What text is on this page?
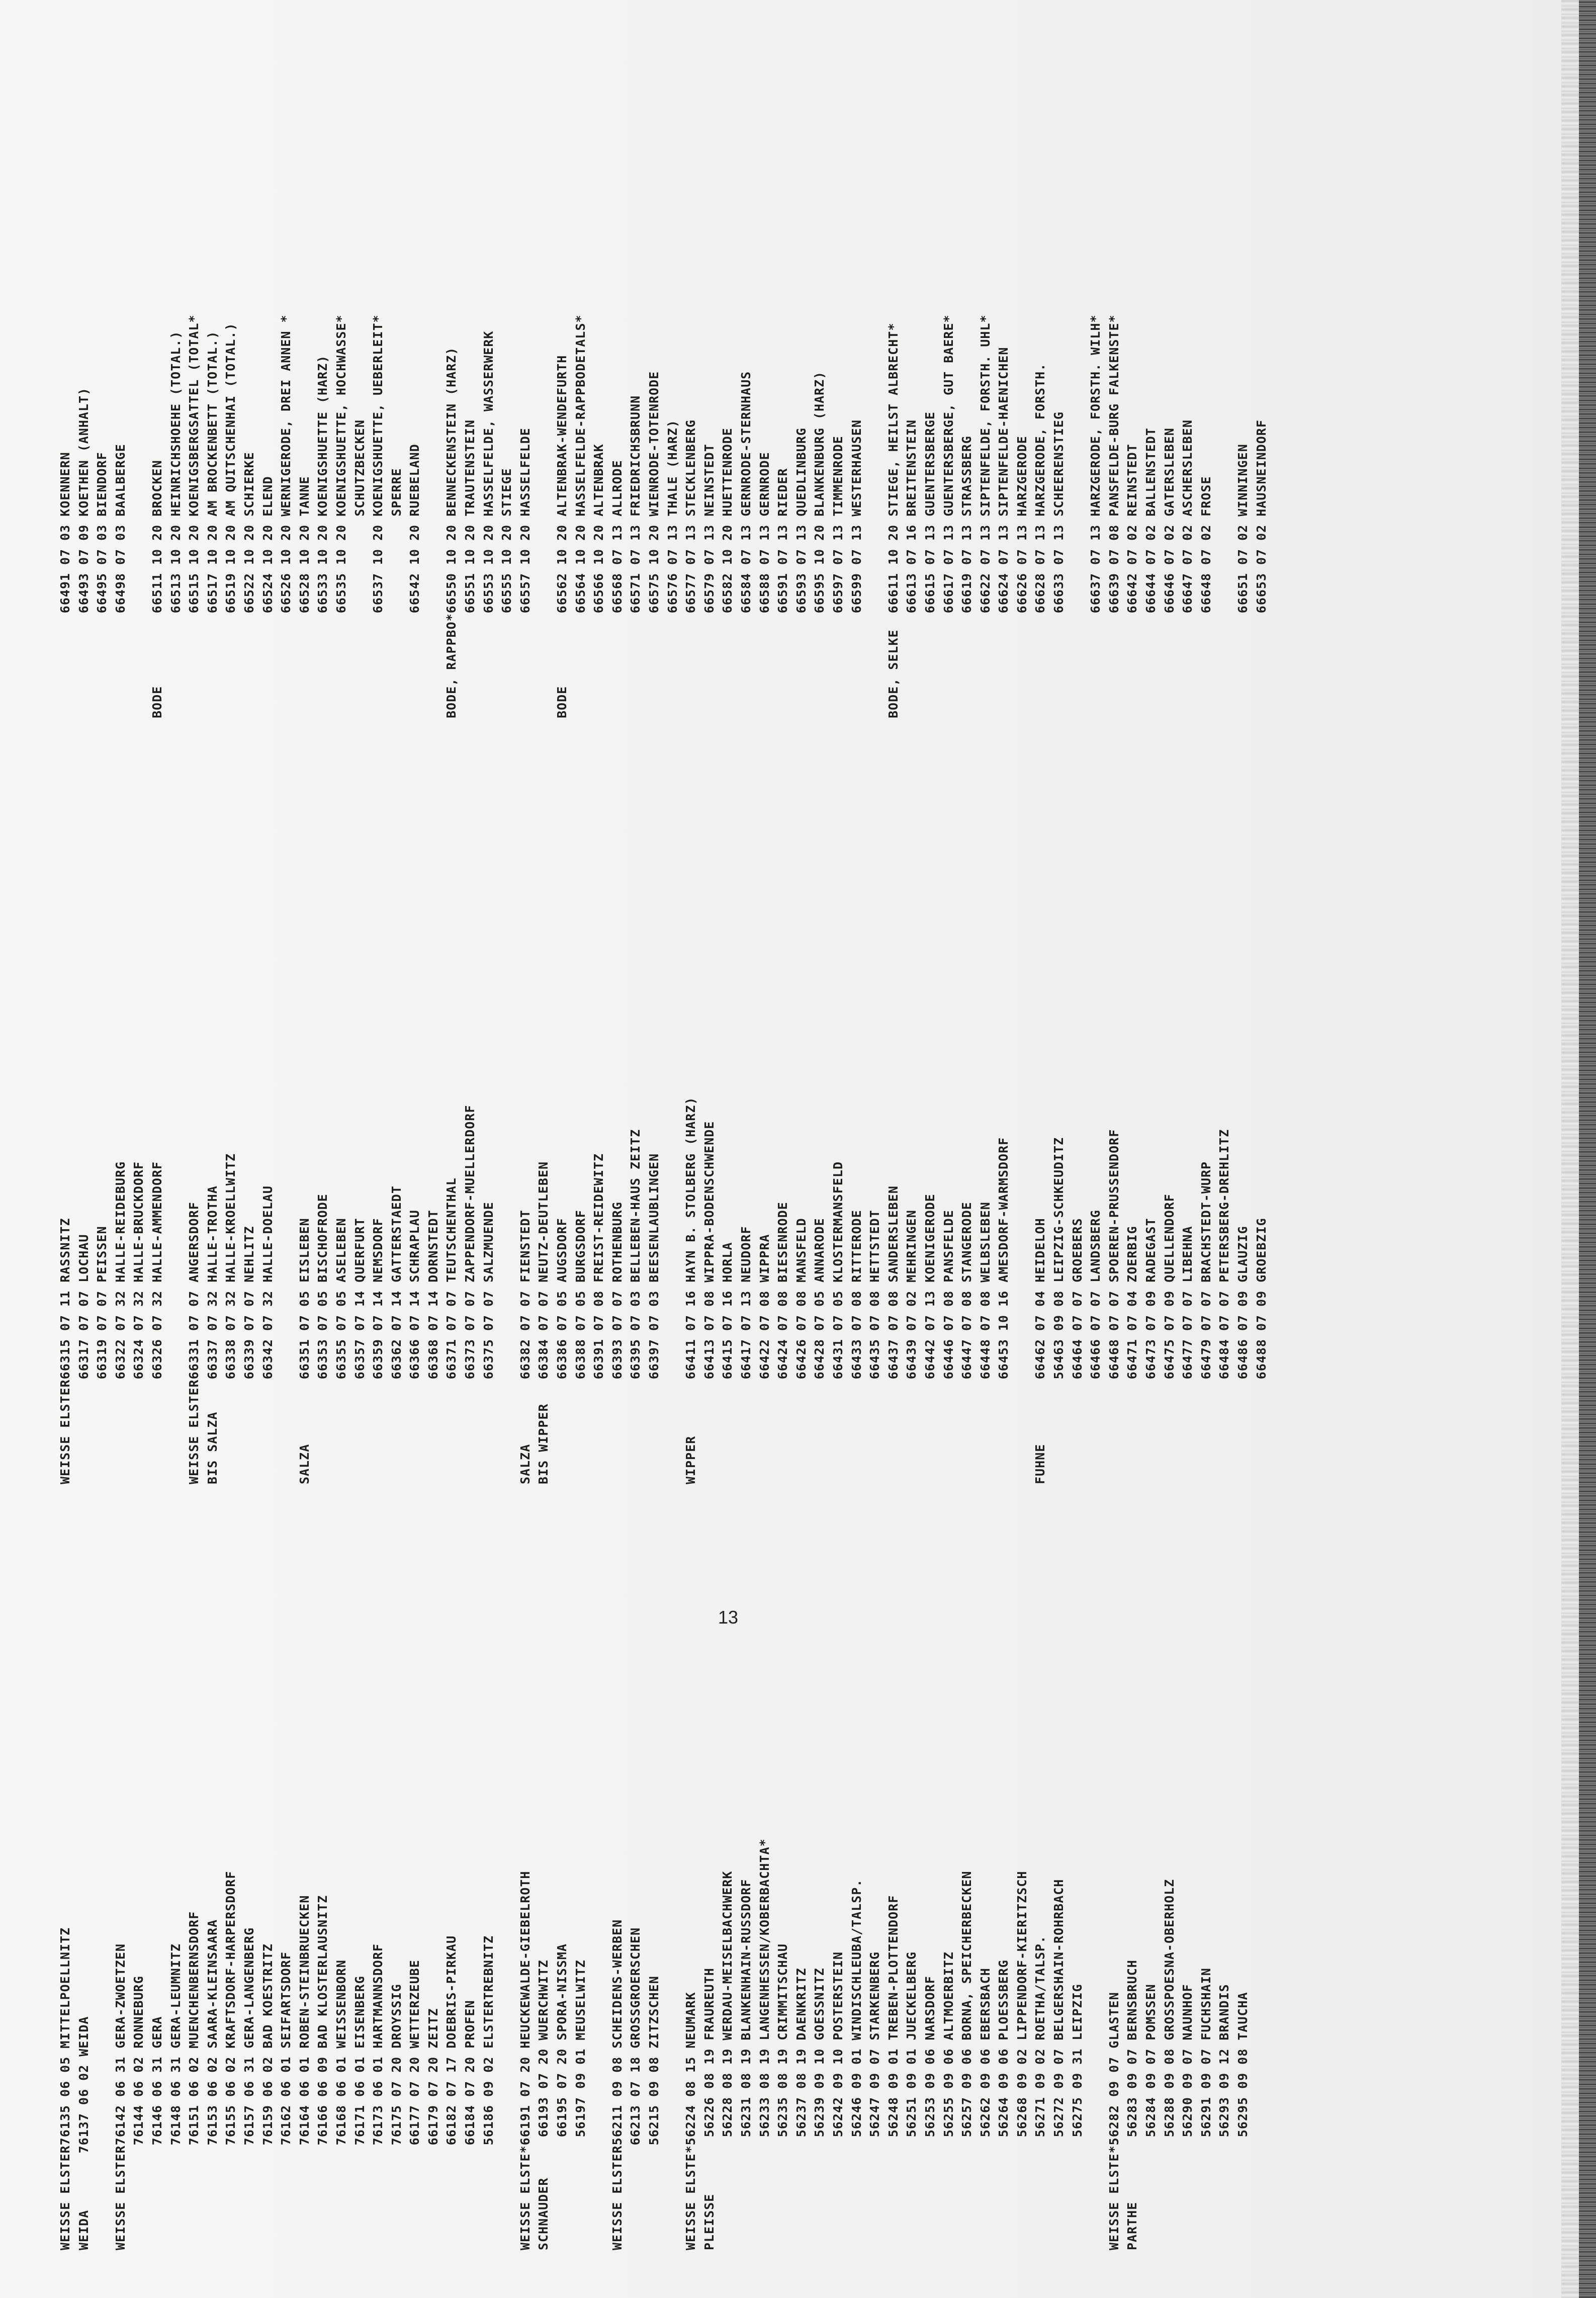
WEISSE ELSTER76135 06 05 MITTELPOELLNITZ
WEIDA       76137 06 02 WEIDA

WEISSE ELSTER76142 06 31 GERA-ZWOETZEN
76144 06 02 RONNEBURG
76146 06 31 GERA
76148 06 31 GERA-LEUMNITZ
76151 06 02 MUENCHENBERNSDORF
76153 06 02 SAARA-KLEINSAARA
76155 06 02 KRAFTSDORF-HARPERSDORF
76157 06 31 GERA-LANGENBERG
76159 06 02 BAD KOESTRITZ
76162 06 01 SEIFARTSDORF
76164 06 01 ROBEN-STEINBRUECKEN
76166 06 09 BAD KLOSTERLAUSNITZ
76168 06 01 WEISSENBORN
76171 06 01 EISENBERG
76173 06 01 HARTMANNSDORF
76175 07 20 DROYSSIG
66177 07 20 WETTERZEUBE
66179 07 20 ZEITZ
66182 07 17 DOEBRIS-PIRKAU
66184 07 20 PROFEN
56186 09 02 ELSTERTREBNITZ

WEISSE ELSTE*66191 07 20 HEUCKEWALDE-GIEBELROTH
SCHNAUDER     66193 07 20 WUERCHWITZ
66195 07 20 SPORA-NISSMA
56197 09 01 MEUSELWITZ

WEISSE ELSTER56211 09 08 SCHEIDENS-WERBEN
66213 07 18 GROSSGROERSCHEN
56215 09 08 ZITZSCHEN

WEISSE ELSTE*56224 08 15 NEUMARK
PLEISSE       56226 08 19 FRAUREUTH
56228 08 19 WERDAU-MEISELBACHWERK
56231 08 19 BLANKENHAIN-RUSSDORF
56233 08 19 LANGENHESSEN/KOBERBACHTA*
56235 08 19 CRIMMITSCHAU
56237 08 19 DAENKRITZ
56239 09 10 GOESSNITZ
56242 09 10 POSTERSTEIN
56246 09 01 WINDISCHLEUBA/TALSP.
56247 09 07 STARKENBERG
56248 09 01 TREBEN-PLOTTENDORF
56251 09 01 JUECKELBERG
56253 09 06 NARSDORF
56255 09 06 ALTMOERBITZ
56257 09 06 BORNA, SPEICHERBECKEN
56262 09 06 EBERSBACH
56264 09 06 PLOESSBERG
56268 09 02 LIPPENDORF-KIERITZSCH
56271 09 02 ROETHA/TALSP.
56272 09 07 BELGERSHAIN-ROHRBACH
56275 09 31 LEIPZIG

WEISSE ELSTE*56282 09 07 GLASTEN
PARTHE        56283 09 07 BERNSBRUCH
56284 09 07 POMSSEN
56288 09 08 GROSSPOESNA-OBERHOLZ
56290 09 07 NAUNHOF
56291 09 07 FUCHSHAIN
56293 09 12 BRANDIS
56295 09 08 TAUCHA
WEISSE ELSTER66315 07 11 RASSNITZ
66317 07 07 LOCHAU
66319 07 07 PEISSEN
66322 07 32 HALLE-REIDEBURG
66324 07 32 HALLE-BRUCKDORF
66326 07 32 HALLE-AMMENDORF

WEISSE ELSTER66331 07 07 ANGERSDORF
BIS SALZA    66337 07 32 HALLE-TROTHA
66338 07 32 HALLE-KROELLWITZ
66339 07 07 NEHLITZ
66342 07 32 HALLE-DOELAU

SALZA        66351 07 05 EISLEBEN
66353 07 05 BISCHOFRODE
66355 07 05 ASELEBEN
66357 07 14 QUERFURT
66359 07 14 NEMSDORF
66362 07 14 GATTERSTAEDT
66366 07 14 SCHRAPLAU
66368 07 14 DORNSTEDT
66371 07 07 TEUTSCHENTHAL
66373 07 07 ZAPPENDORF-MUELLERDORF
66375 07 07 SALZMUENDE

SALZA        66382 07 07 FIENSTEDT
BIS WIPPER   66384 07 07 NEUTZ-DEUTLEBEN
66386 07 05 AUGSDORF
66388 07 05 BURGSDORF
66391 07 08 FREIST-REIDEWITZ
66393 07 07 ROTHENBURG
66395 07 03 BELLEBEN-HAUS ZEITZ
66397 07 03 BEESENLAUBLINGEN

WIPPER       66411 07 16 HAYN B. STOLBERG (HARZ)
66413 07 08 WIPPRA-BODENSCHWENDE
66415 07 16 HORLA
66417 07 13 NEUDORF
66422 07 08 WIPPRA
66424 07 08 BIESENRODE
66426 07 08 MANSFELD
66428 07 05 ANNARODE
66431 07 05 KLOSTERMANSFELD
66433 07 08 RITTERODE
66435 07 08 HETTSTEDT
66437 07 08 SANDERSLEBEN
66439 07 02 MEHRINGEN
66442 07 13 KOENIGERODE
66446 07 08 PANSFELDE
66447 07 08 STANGERODE
66448 07 08 WELBSLEBEN
66453 10 16 AMESDORF-WARMSDORF

FUHNE        66462 07 04 HEIDELOH
56463 09 08 LEIPZIG-SCHKEUDITZ
66464 07 07 GROEBERS
66466 07 07 LANDSBERG
66468 07 07 SPOEREN-PRUSSENDORF
66471 07 04 ZOERBIG
66473 07 09 RADEGAST
66475 07 09 QUELLENDORF
66477 07 07 LIBEHNA
66479 07 07 BRACHSTEDT-WURP
66484 07 07 PETERSBERG-DREHLITZ
66486 07 09 GLAUZIG
66488 07 09 GROEBZIG
66491 07 03 KOENNERN
66493 07 09 KOETHEN (ANHALT)
66495 07 03 BIENDORF
66498 07 03 BAALBERGE

BODE         66511 10 20 BROCKEN
66513 10 20 HEINRICHSHOEHE (TOTAL.)
66515 10 20 KOENIGSBERGSATTEL (TOTAL*
66517 10 20 AM BROCKENBETT (TOTAL.)
66519 10 20 AM QUITSCHENHAI (TOTAL.)
66522 10 20 SCHIERKE
66524 10 20 ELEND
66526 10 20 WERNIGERODE, DREI ANNEN *
66528 10 20 TANNE
66533 10 20 KOENIGSHUETTE (HARZ)
66535 10 20 KOENIGSHUETTE, HOCHWASSE*
SCHUTZBECKEN
66537 10 20 KOENIGSHUETTE, UEBERLEIT*
SPERRE
66542 10 20 RUEBELAND

BODE, RAPPBO*66550 10 20 BENNECKENSTEIN (HARZ)
66551 10 20 TRAUTENSTEIN
66553 10 20 HASSELFELDE, WASSERWERK
66555 10 20 STIEGE
66557 10 20 HASSELFELDE

BODE         66562 10 20 ALTENBRAK-WENDEFURTH
66564 10 20 HASSELFELDE-RAPPBODETALS*
66566 10 20 ALTENBRAK
66568 07 13 ALLRODE
66571 07 13 FRIEDRICHSBRUNN
66575 10 20 WIENRODE-TOTENRODE
66576 07 13 THALE (HARZ)
66577 07 13 STECKLENBERG
66579 07 13 NEINSTEDT
66582 10 20 HUETTENRODE
66584 07 13 GERNRODE-STERNHAUS
66588 07 13 GERNRODE
66591 07 13 RIEDER
66593 07 13 QUEDLINBURG
66595 10 20 BLANKENBURG (HARZ)
66597 07 13 TIMMENRODE
66599 07 13 WESTERHAUSEN

BODE, SELKE  66611 10 20 STIEGE, HEILST ALBRECHT*
66613 07 16 BREITENSTEIN
66615 07 13 GUENTERSBERGE
66617 07 13 GUENTERSBERGE, GUT BAERE*
66619 07 13 STRASSBERG
66622 07 13 SIPTENFELDE, FORSTH. UHL*
66624 07 13 SIPTENFELDE-HAENICHEN
66626 07 13 HARZGERODE
66628 07 13 HARZGERODE, FORSTH.
66633 07 13 SCHEERENSTIEG

66637 07 13 HARZGERODE, FORSTH. WILH*
66639 07 08 PANSFELDE-BURG FALKENSTE*
66642 07 02 REINSTEDT
66644 07 02 BALLENSTEDT
66646 07 02 GATERSLEBEN
66647 07 02 ASCHERSLEBEN
66648 07 02 FROSE

66651 07 02 WINNINGEN
66653 07 02 HAUSNEINDORF
13
